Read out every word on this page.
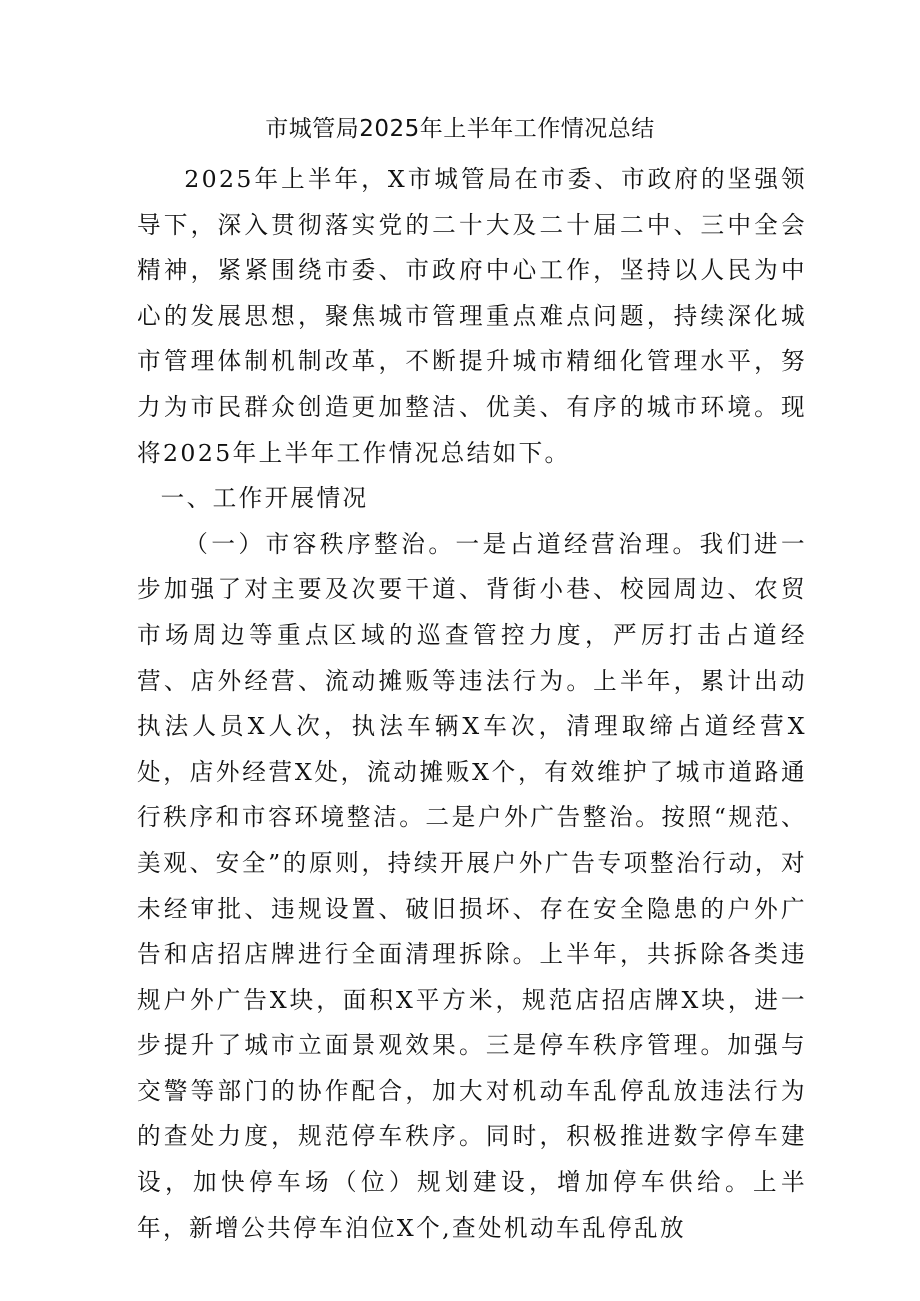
市城管局2025年上半年工作情况总结

2025年上半年，X市城管局在市委、市政府的坚强领导下，深入贯彻落实党的二十大及二十届二中、三中全会精神，紧紧围绕市委、市政府中心工作，坚持以人民为中心的发展思想，聚焦城市管理重点难点问题，持续深化城市管理体制机制改革，不断提升城市精细化管理水平，努力为市民群众创造更加整洁、优美、有序的城市环境。现将2025年上半年工作情况总结如下。

一、工作开展情况

（一）市容秩序整治。一是占道经营治理。我们进一步加强了对主要及次要干道、背街小巷、校园周边、农贸市场周边等重点区域的巡查管控力度，严厉打击占道经营、店外经营、流动摊贩等违法行为。上半年，累计出动执法人员X人次，执法车辆X车次，清理取缔占道经营X处，店外经营X处，流动摊贩X个，有效维护了城市道路通行秩序和市容环境整洁。二是户外广告整治。按照“规范、美观、安全”的原则，持续开展户外广告专项整治行动，对未经审批、违规设置、破旧损坏、存在安全隐患的户外广告和店招店牌进行全面清理拆除。上半年，共拆除各类违规户外广告X块，面积X平方米，规范店招店牌X块，进一步提升了城市立面景观效果。三是停车秩序管理。加强与交警等部门的协作配合，加大对机动车乱停乱放违法行为的查处力度，规范停车秩序。同时，积极推进数字停车建设，加快停车场（位）规划建设，增加停车供给。上半年，新增公共停车泊位X个,查处机动车乱停乱放
